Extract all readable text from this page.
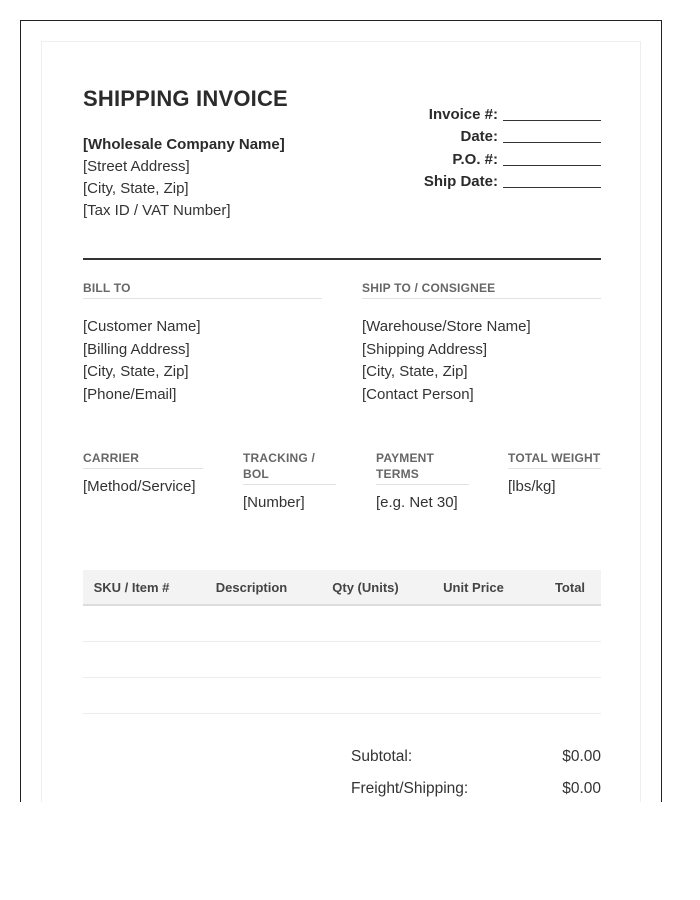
SHIPPING INVOICE
[Wholesale Company Name]
[Street Address]
[City, State, Zip]
[Tax ID / VAT Number]
Invoice #:
Date:
P.O. #:
Ship Date:
BILL TO
[Customer Name]
[Billing Address]
[City, State, Zip]
[Phone/Email]
SHIP TO / CONSIGNEE
[Warehouse/Store Name]
[Shipping Address]
[City, State, Zip]
[Contact Person]
CARRIER
[Method/Service]
TRACKING /
BOL
[Number]
PAYMENT
TERMS
[e.g. Net 30]
TOTAL WEIGHT
[lbs/kg]
SKU / Item #	Description	Qty (Units)	Unit Price	Total
Subtotal:	$0.00
Freight/Shipping:	$0.00
